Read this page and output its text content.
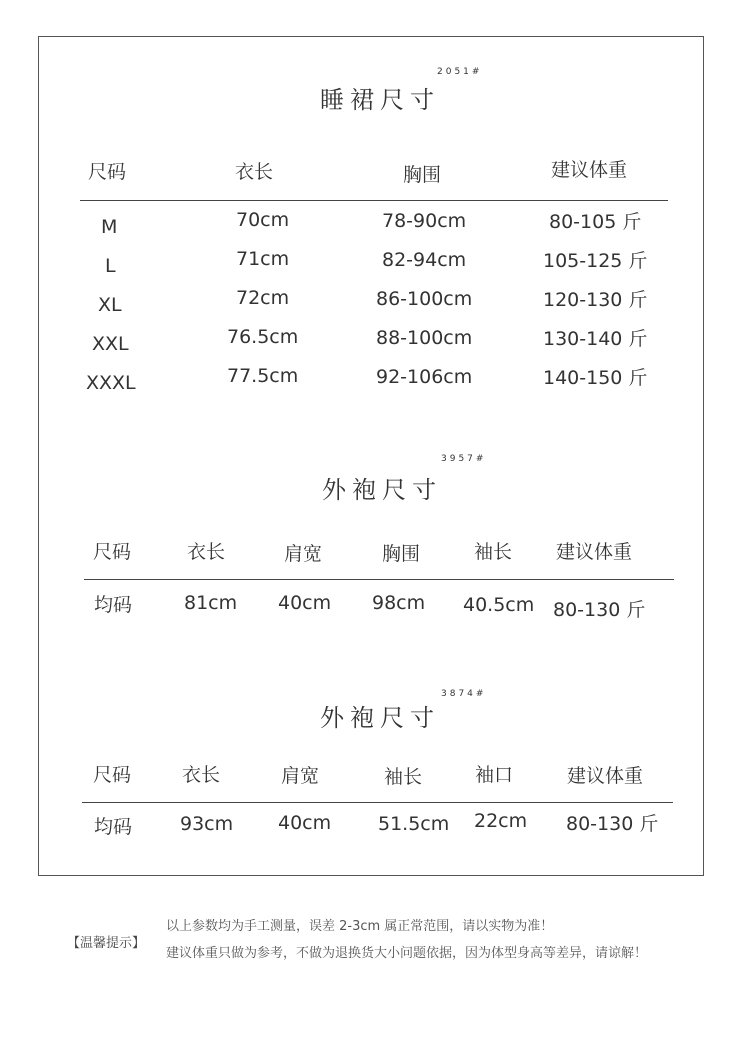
睡裙尺寸
2051#
尺码	衣长	胸围	建议体重
M	70cm	78-90cm	80-105 斤
L	71cm	82-94cm	105-125 斤
XL	72cm	86-100cm	120-130 斤
XXL	76.5cm	88-100cm	130-140 斤
XXXL	77.5cm	92-106cm	140-150 斤
外袍尺寸
3957#
尺码	衣长	肩宽	胸围	袖长 建议体重
均码	81cm 40cm 98cm 40.5cm 80-130 斤
外袍尺寸
3874#
尺码	衣长	肩宽	袖长	袖口	建议体重
均码	93cm 40cm 51.5cm 22cm 80-130 斤
【温馨提示】
以上参数均为手工测量，误差 2-3cm 属正常范围，请以实物为准！
建议体重只做为参考，不做为退换货大小问题依据，因为体型身高等差异，请谅解！
